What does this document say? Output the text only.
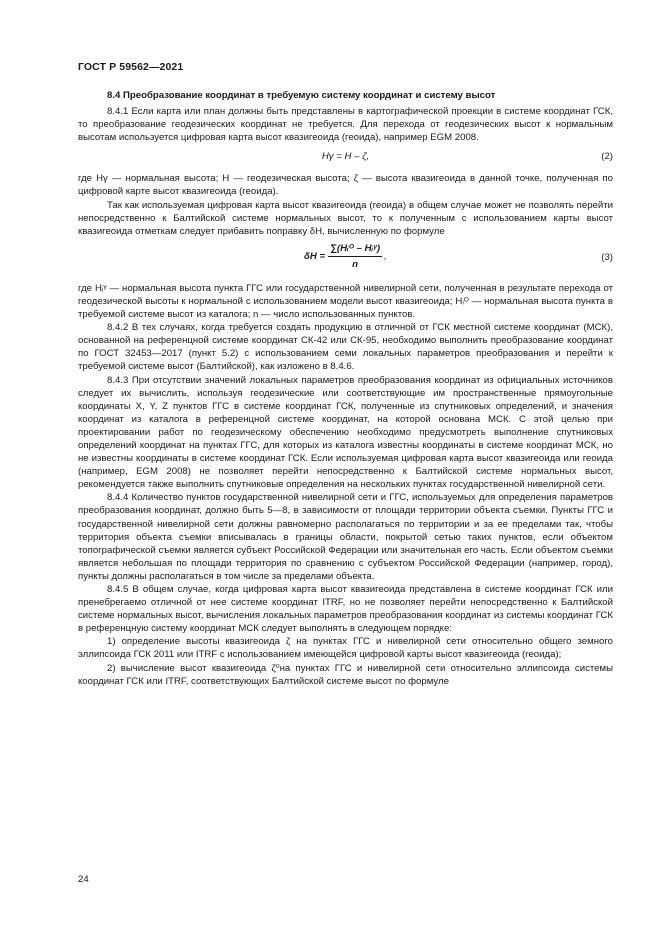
ГОСТ Р 59562—2021

8.4 Преобразование координат в требуемую систему координат и систему высот

8.4.1 Если карта или план должны быть представлены в картографической проекции в системе координат ГСК, то преобразование геодезических координат не требуется. Для перехода от геодезических высот к нормальным высотам используется цифровая карта высот квазигеоида (геоида), например EGM 2008.

Hγ = H – ζ,	(2)

где Hγ — нормальная высота; H — геодезическая высота; ζ — высота квазигеоида в данной точке, полученная по цифровой карте высот квазигеоида (геоида).

Так как используемая цифровая карта высот квазигеоида (геоида) в общем случае может не позволять перейти непосредственно к Балтийской системе нормальных высот, то к полученным с использованием карты высот квазигеоида отметкам следует прибавить поправку δH, вычисленную по формуле

$\delta H = \frac{\text{∑(Hᵢᴼ – Hᵢᵞ)}}{n}$ ,	(3)

где Hᵢᵞ — нормальная высота пункта ГГС или государственной нивелирной сети, полученная в результате перехода от геодезической высоты к нормальной с использованием модели высот квазигеоида; Hᵢᴼ — нормальная высота пункта в требуемой системе высот из каталога; n — число использованных пунктов.

8.4.2 В тех случаях, когда требуется создать продукцию в отличной от ГСК местной системе координат (МСК), основанной на референцной системе координат СК-42 или СК-95, необходимо выполнить преобразование координат по ГОСТ 32453—2017 (пункт 5.2) с использованием семи локальных параметров преобразования и перейти к требуемой системе высот (Балтийской), как изложено в 8.4.6.

8.4.3 При отсутствии значений локальных параметров преобразования координат из официальных источников следует их вычислить, используя геодезические или соответствующие им пространственные прямоугольные координаты X, Y, Z пунктов ГГС в системе координат ГСК, полученные из спутниковых определений, и значения координат из каталога в референцной системе координат, на которой основана МСК. С этой целью при проектировании работ по геодезическому обеспечению необходимо предусмотреть выполнение спутниковых определений координат на пунктах ГГС, для которых из каталога известны координаты в системе координат МСК, но не известны координаты в системе координат ГСК. Если используемая цифровая карта высот квазигеоида или геоида (например, EGM 2008) не позволяет перейти непосредственно к Балтийской системе нормальных высот, рекомендуется также выполнить спутниковые определения на нескольких пунктах государственной нивелирной сети.

8.4.4 Количество пунктов государственной нивелирной сети и ГГС, используемых для определения параметров преобразования координат, должно быть 5—8, в зависимости от площади территории объекта съемки. Пункты ГГС и государственной нивелирной сети должны равномерно располагаться по территории и за ее пределами так, чтобы территория объекта съемки вписывалась в границы области, покрытой сетью таких пунктов, если объектом топографической съемки является субъект Российской Федерации или значительная его часть. Если объектом съемки является небольшая по площади территория по сравнению с субъектом Российской Федерации (например, город), пункты должны располагаться в том числе за пределами объекта.

8.4.5 В общем случае, когда цифровая карта высот квазигеоида представлена в системе координат ГСК или пренебрегаемо отличной от нее системе координат ITRF, но не позволяет перейти непосредственно к Балтийской системе нормальных высот, вычисления локальных параметров преобразования координат из системы координат ГСК в референцную систему координат МСК следует выполнять в следующем порядке:

1) определение высоты квазигеоида ζ на пунктах ГГС и нивелирной сети относительно общего земного эллипсоида ГСК 2011 или ITRF с использованием имеющейся цифровой карты высот квазигеоида (геоида);

2) вычисление высот квазигеоида ζ⁰на пунктах ГГС и нивелирной сети относительно эллипсоида системы координат ГСК или ITRF, соответствующих Балтийской системе высот по формуле

24
